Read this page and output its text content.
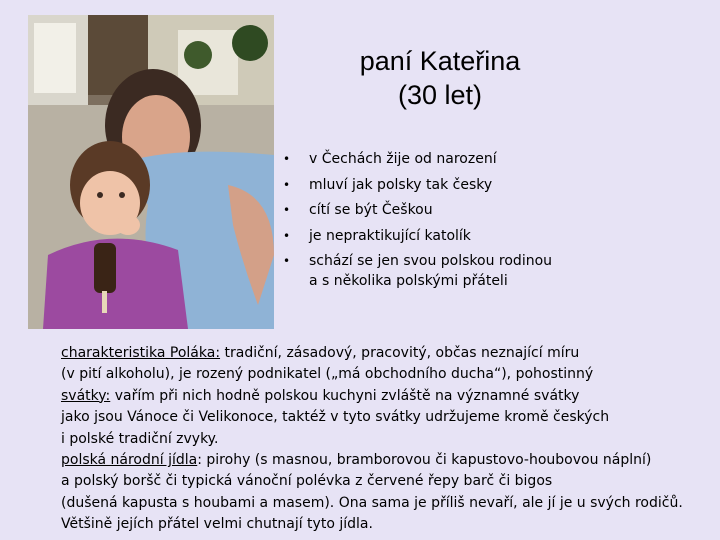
paní Kateřina
(30 let)
• v Čechách žije od narození
• mluví jak polsky tak česky
• cítí se být Češkou
• je nepraktikující katolík
• schází se jen svou polskou rodinou
a s několika polskými přáteli
charakteristika Poláka: tradiční, zásadový, pracovitý, občas neznající míru
(v pití alkoholu), je rozený podnikatel („má obchodního ducha“), pohostinný
svátky: vařím při nich hodně polskou kuchyni zvláště na významné svátky
jako jsou Vánoce či Velikonoce, taktéž v tyto svátky udržujeme kromě českých
i polské tradiční zvyky.
polská národní jídla: pirohy (s masnou, bramborovou či kapustovo-houbovou náplní)
a polský boršč či typická vánoční polévka z červené řepy barč či bigos
(dušená kapusta s houbami a masem). Ona sama je příliš nevaří, ale jí je u svých rodičů.
Většině jejích přátel velmi chutnají tyto jídla.
